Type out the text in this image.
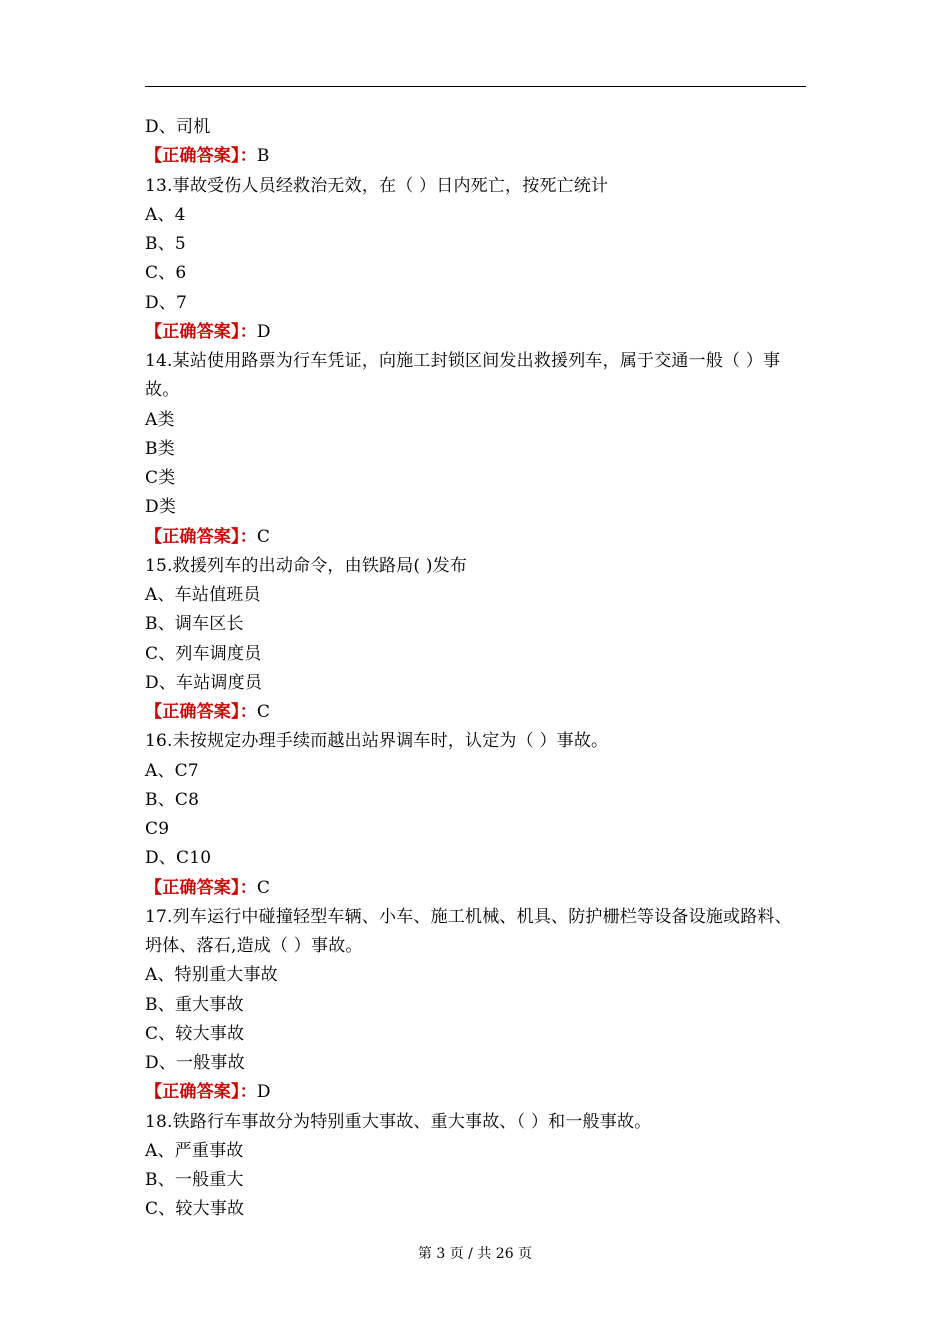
D、司机
【正确答案】：B
13.事故受伤人员经救治无效，在（ ）日内死亡，按死亡统计
A、4
B、5
C、6
D、7
【正确答案】：D
14.某站使用路票为行车凭证，向施工封锁区间发出救援列车，属于交通一般（ ）事故。
A类
B类
C类
D类
【正确答案】：C
15.救援列车的出动命令，由铁路局( )发布
A、车站值班员
B、调车区长
C、列车调度员
D、车站调度员
【正确答案】：C
16.未按规定办理手续而越出站界调车时，认定为（ ）事故。
A、C7
B、C8
C9
D、C10
【正确答案】：C
17.列车运行中碰撞轻型车辆、小车、施工机械、机具、防护栅栏等设备设施或路料、坍体、落石,造成（ ）事故。
A、特别重大事故
B、重大事故
C、较大事故
D、一般事故
【正确答案】：D
18.铁路行车事故分为特别重大事故、重大事故、（ ）和一般事故。
A、严重事故
B、一般重大
C、较大事故
第 3 页 / 共 26 页
